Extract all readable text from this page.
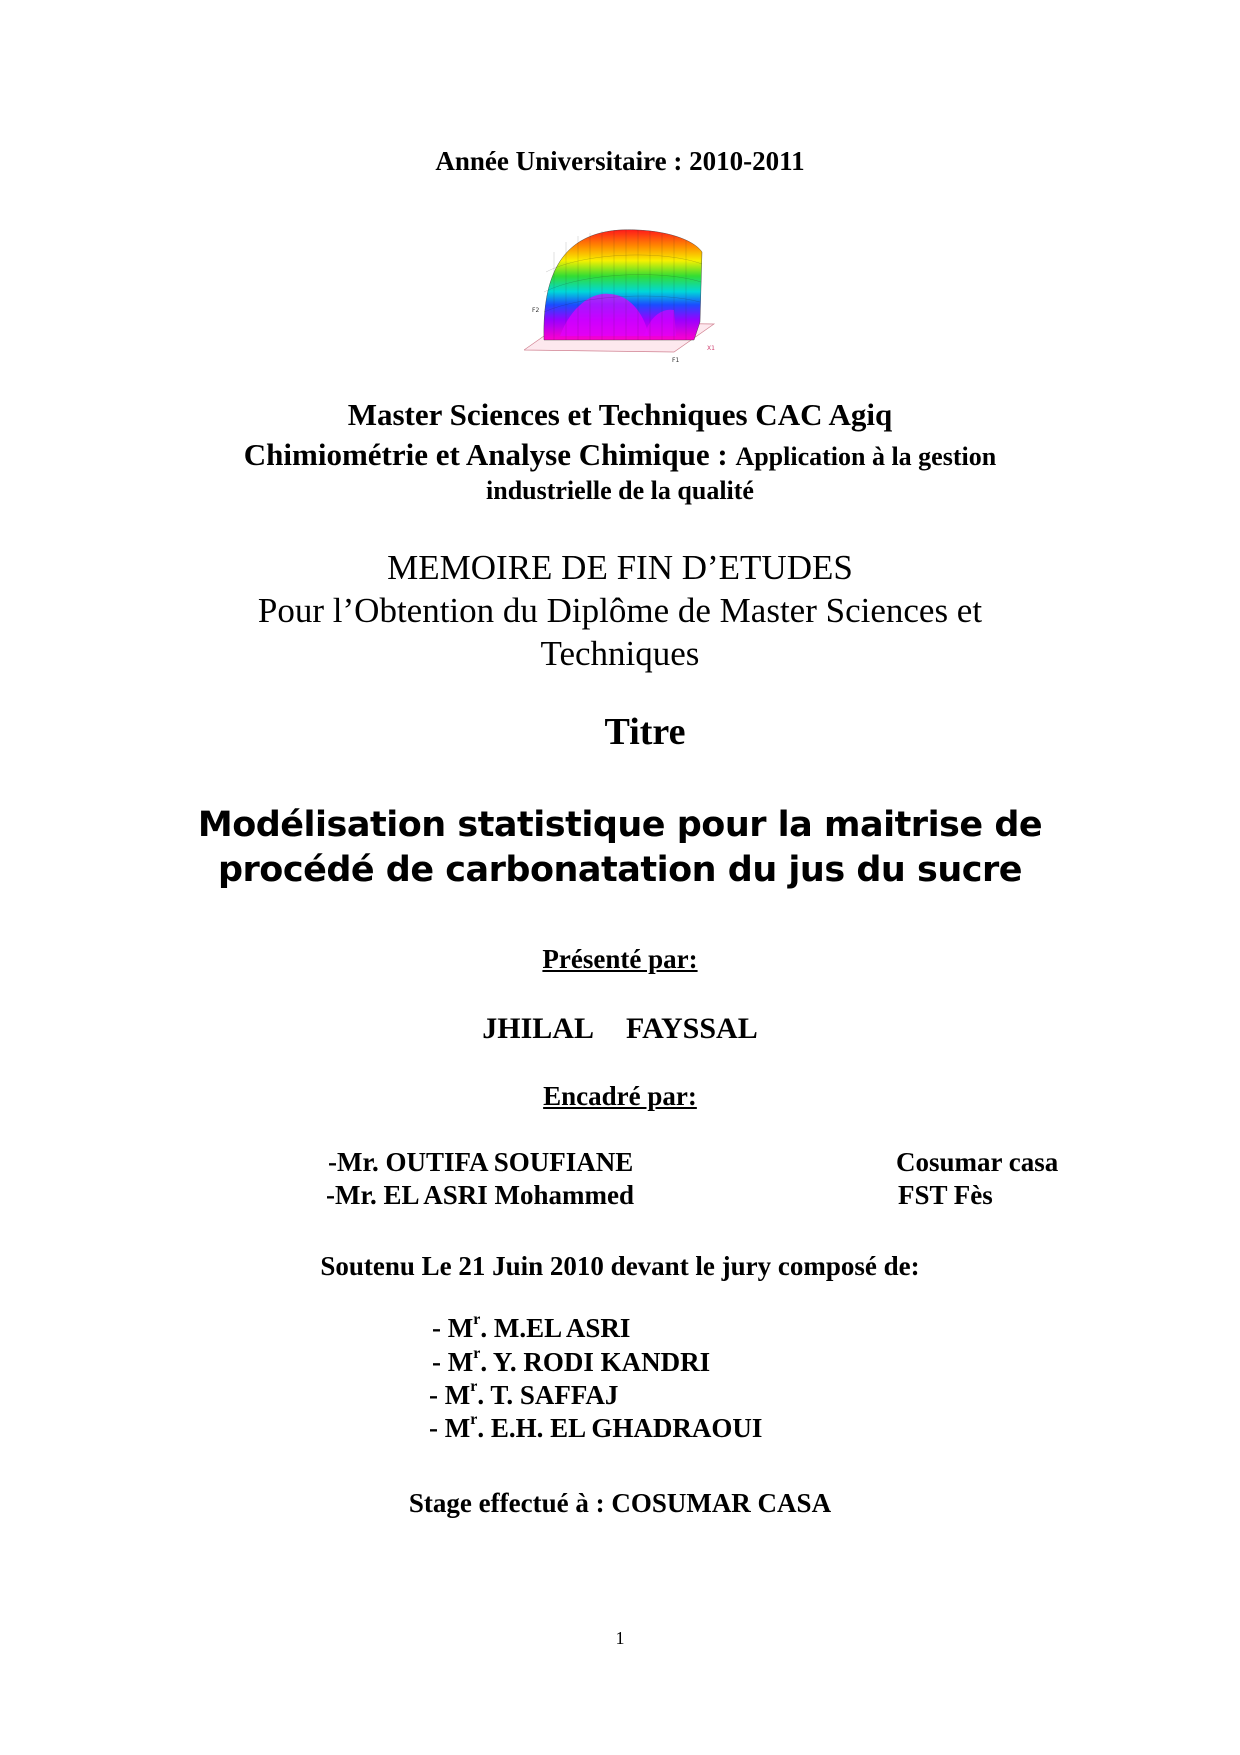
Année Universitaire : 2010-2011
F2
X1
F1
Master Sciences et Techniques CAC Agiq
Chimiométrie et Analyse Chimique : Application à la gestion
industrielle de la qualité
MEMOIRE DE FIN D’ETUDES
Pour l’Obtention du Diplôme de Master Sciences et
Techniques
Titre
Modélisation statistique pour la maitrise de
procédé de carbonatation du jus du sucre
Présenté par:
JHILAL FAYSSAL
Encadré par:
-Mr. OUTIFA SOUFIANE	Cosumar casa
-Mr. EL ASRI Mohammed	FST Fès
Soutenu Le 21 Juin 2010 devant le jury composé de:
- $M^r$. M.EL ASRI
- $M^r$. Y. RODI KANDRI
- $M^r$. T. SAFFAJ
- $M^r$. E.H. EL GHADRAOUI
Stage effectué à : COSUMAR CASA
1
